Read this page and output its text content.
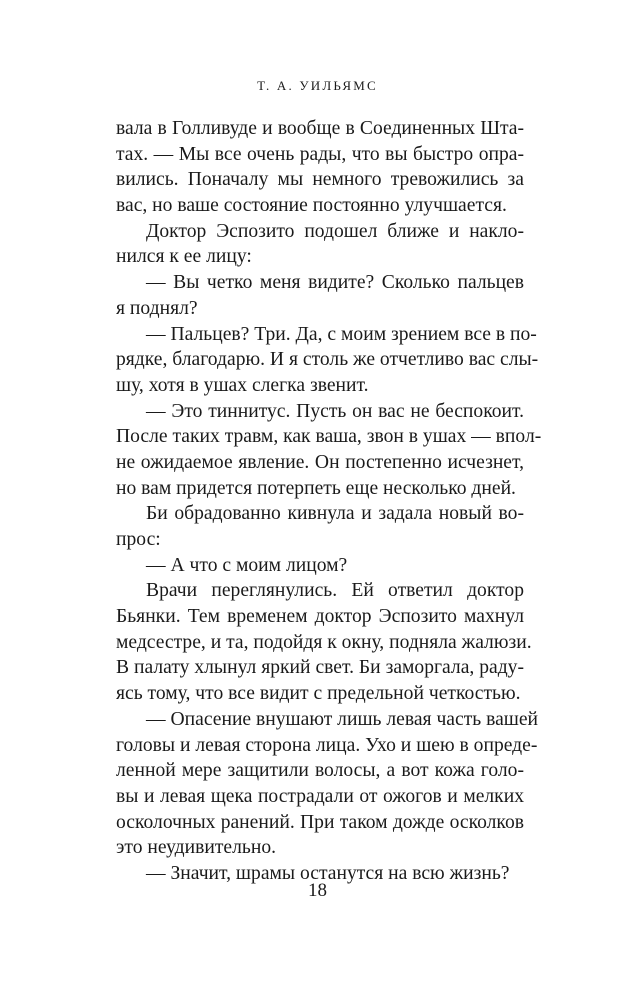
Т. А. УИЛЬЯМС
вала в Голливуде и вообще в Соединенных Шта-
тах. — Мы все очень рады, что вы быстро опра-
вились. Поначалу мы немного тревожились за
вас, но ваше состояние постоянно улучшается.
Доктор Эспозито подошел ближе и накло-
нился к ее лицу:
— Вы четко меня видите? Сколько пальцев
я поднял?
— Пальцев? Три. Да, с моим зрением все в по-
рядке, благодарю. И я столь же отчетливо вас слы-
шу, хотя в ушах слегка звенит.
— Это тиннитус. Пусть он вас не беспокоит.
После таких травм, как ваша, звон в ушах — впол-
не ожидаемое явление. Он постепенно исчезнет,
но вам придется потерпеть еще несколько дней.
Би обрадованно кивнула и задала новый во-
прос:
— А что с моим лицом?
Врачи переглянулись. Ей ответил доктор
Бьянки. Тем временем доктор Эспозито махнул
медсестре, и та, подойдя к окну, подняла жалюзи.
В палату хлынул яркий свет. Би заморгала, раду-
ясь тому, что все видит с предельной четкостью.
— Опасение внушают лишь левая часть вашей
головы и левая сторона лица. Ухо и шею в опреде-
ленной мере защитили волосы, а вот кожа голо-
вы и левая щека пострадали от ожогов и мелких
осколочных ранений. При таком дожде осколков
это неудивительно.
— Значит, шрамы останутся на всю жизнь?
18
